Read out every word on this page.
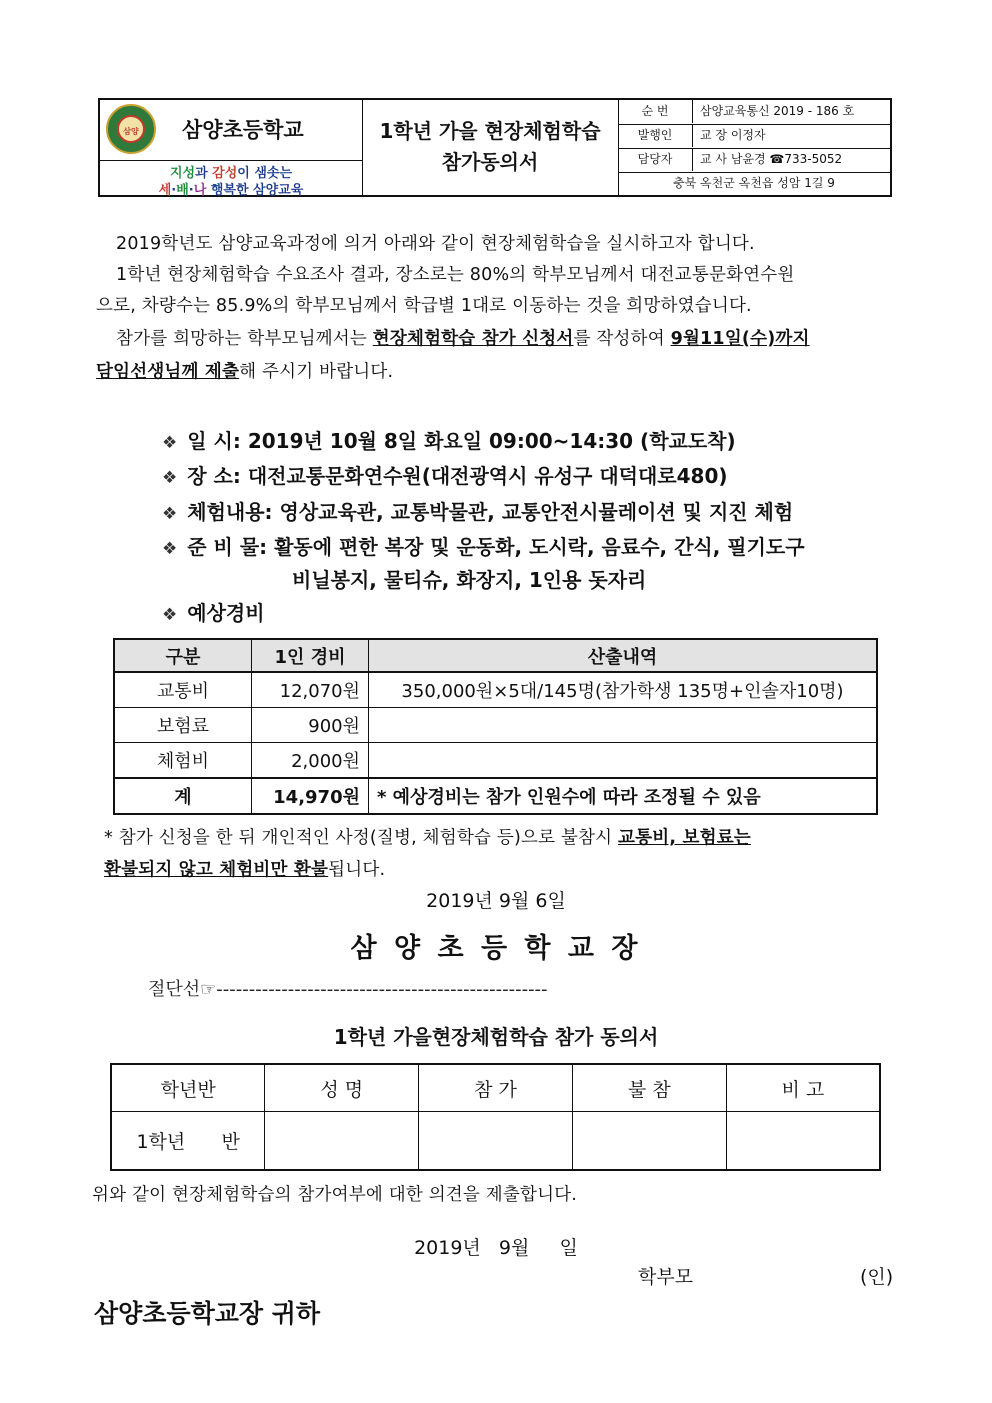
삼양 삼양초등학교
지성과 감성이 샘솟는
세·배·나 행복한 삼양교육
1학년 가을 현장체험학습
참가동의서
순 번	삼양교육통신 2019 - 186 호
발행인	교 장 이정자
담당자	교 사 남윤경 ☎733-5052
충북 옥천군 옥천읍 성암 1길 9
2019학년도 삼양교육과정에 의거 아래와 같이 현장체험학습을 실시하고자 합니다.
1학년 현장체험학습 수요조사 결과, 장소로는 80%의 학부모님께서 대전교통문화연수원
으로, 차량수는 85.9%의 학부모님께서 학급별 1대로 이동하는 것을 희망하였습니다.
참가를 희망하는 학부모님께서는 현장체험학습 참가 신청서를 작성하여 9월11일(수)까지
담임선생님께 제출해 주시기 바랍니다.
❖ 일 시: 2019년 10월 8일 화요일 09:00~14:30 (학교도착)
❖ 장 소: 대전교통문화연수원(대전광역시 유성구 대덕대로480)
❖ 체험내용: 영상교육관, 교통박물관, 교통안전시뮬레이션 및 지진 체험
❖ 준 비 물: 활동에 편한 복장 및 운동화, 도시락, 음료수, 간식, 필기도구
비닐봉지, 물티슈, 화장지, 1인용 돗자리
❖ 예상경비
구분	1인 경비	산출내역
교통비	12,070원	350,000원×5대/145명(참가학생 135명+인솔자10명)
보험료	900원	
체험비	2,000원	
계	14,970원	* 예상경비는 참가 인원수에 따라 조정될 수 있음
* 참가 신청을 한 뒤 개인적인 사정(질병, 체험학습 등)으로 불참시 교통비, 보험료는
환불되지 않고 체험비만 환불됩니다.
2019년 9월 6일
삼 양 초 등 학 교 장
절단선☞---------------------------------------------------
1학년 가을현장체험학습 참가 동의서
학년반	성 명	참 가	불 참	비 고
1학년      반				
위와 같이 현장체험학습의 참가여부에 대한 의견을 제출합니다.
2019년   9월     일
학부모	(인)
삼양초등학교장 귀하
